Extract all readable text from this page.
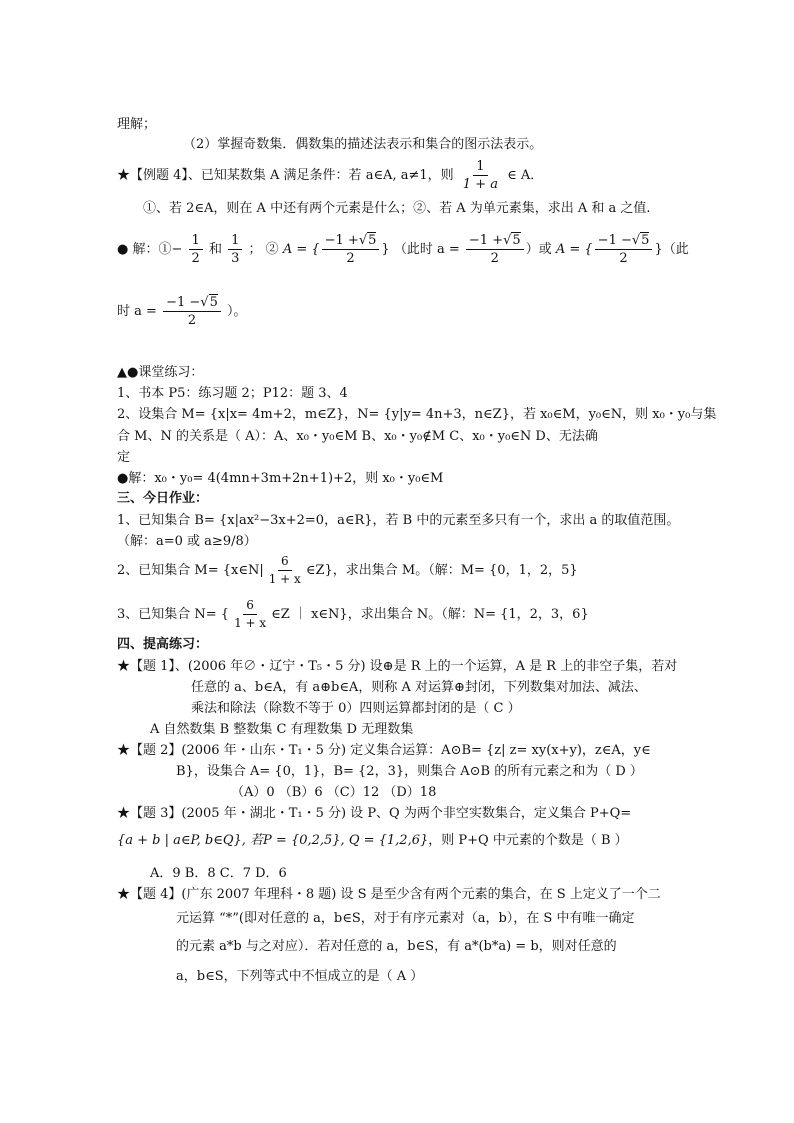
理解；
（2）掌握奇数集．偶数集的描述法表示和集合的图示法表示。
★【例题 4】、已知某数集 A 满足条件：若 a∈A, a≠1，则 $\frac{1}{1 + a}$ ∈ A．
①、若 2∈A，则在 A 中还有两个元素是什么；②、若 A 为单元素集，求出 A 和 a 之值.
● 解：①− $\frac{1}{2}$ 和 $\frac{1}{3}$ ； ② A = { $\frac{-1 +√5}{2}$ } （此时 $a = \frac{-1 +√5}{2}$ ）或 A = { $\frac{-1 -√5}{2}$ }（此
时 $a = \frac{-1 -√5}{2}$ ）。
▲●课堂练习：
1、书本 P5：练习题 2；P12：题 3、4
2、设集合 M= {x|x= 4m+2，m∈Z}，N= {y|y= 4n+3，n∈Z}，若 x₀∈M，y₀∈N，则 x₀・y₀与集
合 M、N 的关系是（ A）：A、x₀・y₀∈M B、x₀・y₀∉M C、x₀・y₀∈N D、无法确
定
●解：x₀・y₀= 4(4mn+3m+2n+1)+2，则 x₀・y₀∈M
三、今日作业：
1、已知集合 B= {x|ax²−3x+2=0，a∈R}，若 B 中的元素至多只有一个，求出 a 的取值范围。
（解：a=0 或 a≥9/8）
2、已知集合 M= {x∈N| $\frac{6}{1 + x}$ ∈Z}，求出集合 M。（解：M= {0，1，2，5}
3、已知集合 N= { $\frac{6}{1 + x}$ ∈Z ｜ x∈N}，求出集合 N。（解：N= {1，2，3，6}
四、提高练习：
★【题 1】、(2006 年∅・辽宁・T₅・5 分) 设⊕是 R 上的一个运算，A 是 R 上的非空子集，若对
任意的 a、b∈A，有 a⊕b∈A，则称 A 对运算⊕封闭，下列数集对加法、减法、
乘法和除法（除数不等于 0）四则运算都封闭的是（ C ）
A 自然数集 B 整数集 C 有理数集 D 无理数集
★【题 2】(2006 年・山东・T₁・5 分) 定义集合运算：A⊙B= {z| z= xy(x+y)，z∈A，y∈
B}，设集合 A= {0，1}，B= {2，3}，则集合 A⊙B 的所有元素之和为（ D ）
（A）0 （B）6 （C）12 （D）18
★【题 3】(2005 年・湖北・T₁・5 分) 设 P、Q 为两个非空实数集合，定义集合 P+Q=
{a + b | a∈P, b∈Q}, 若P = {0,2,5}, Q = {1,2,6}，则 P+Q 中元素的个数是（ B ）
A．9 B．8 C．7 D．6
★【题 4】(广东 2007 年理科・8 题) 设 S 是至少含有两个元素的集合，在 S 上定义了一个二
元运算 “*”(即对任意的 a，b∈S，对于有序元素对（a，b），在 S 中有唯一确定
的元素 a*b 与之对应）．若对任意的 a，b∈S，有 a*(b*a) = b，则对任意的
a，b∈S，下列等式中不恒成立的是（ A ）
